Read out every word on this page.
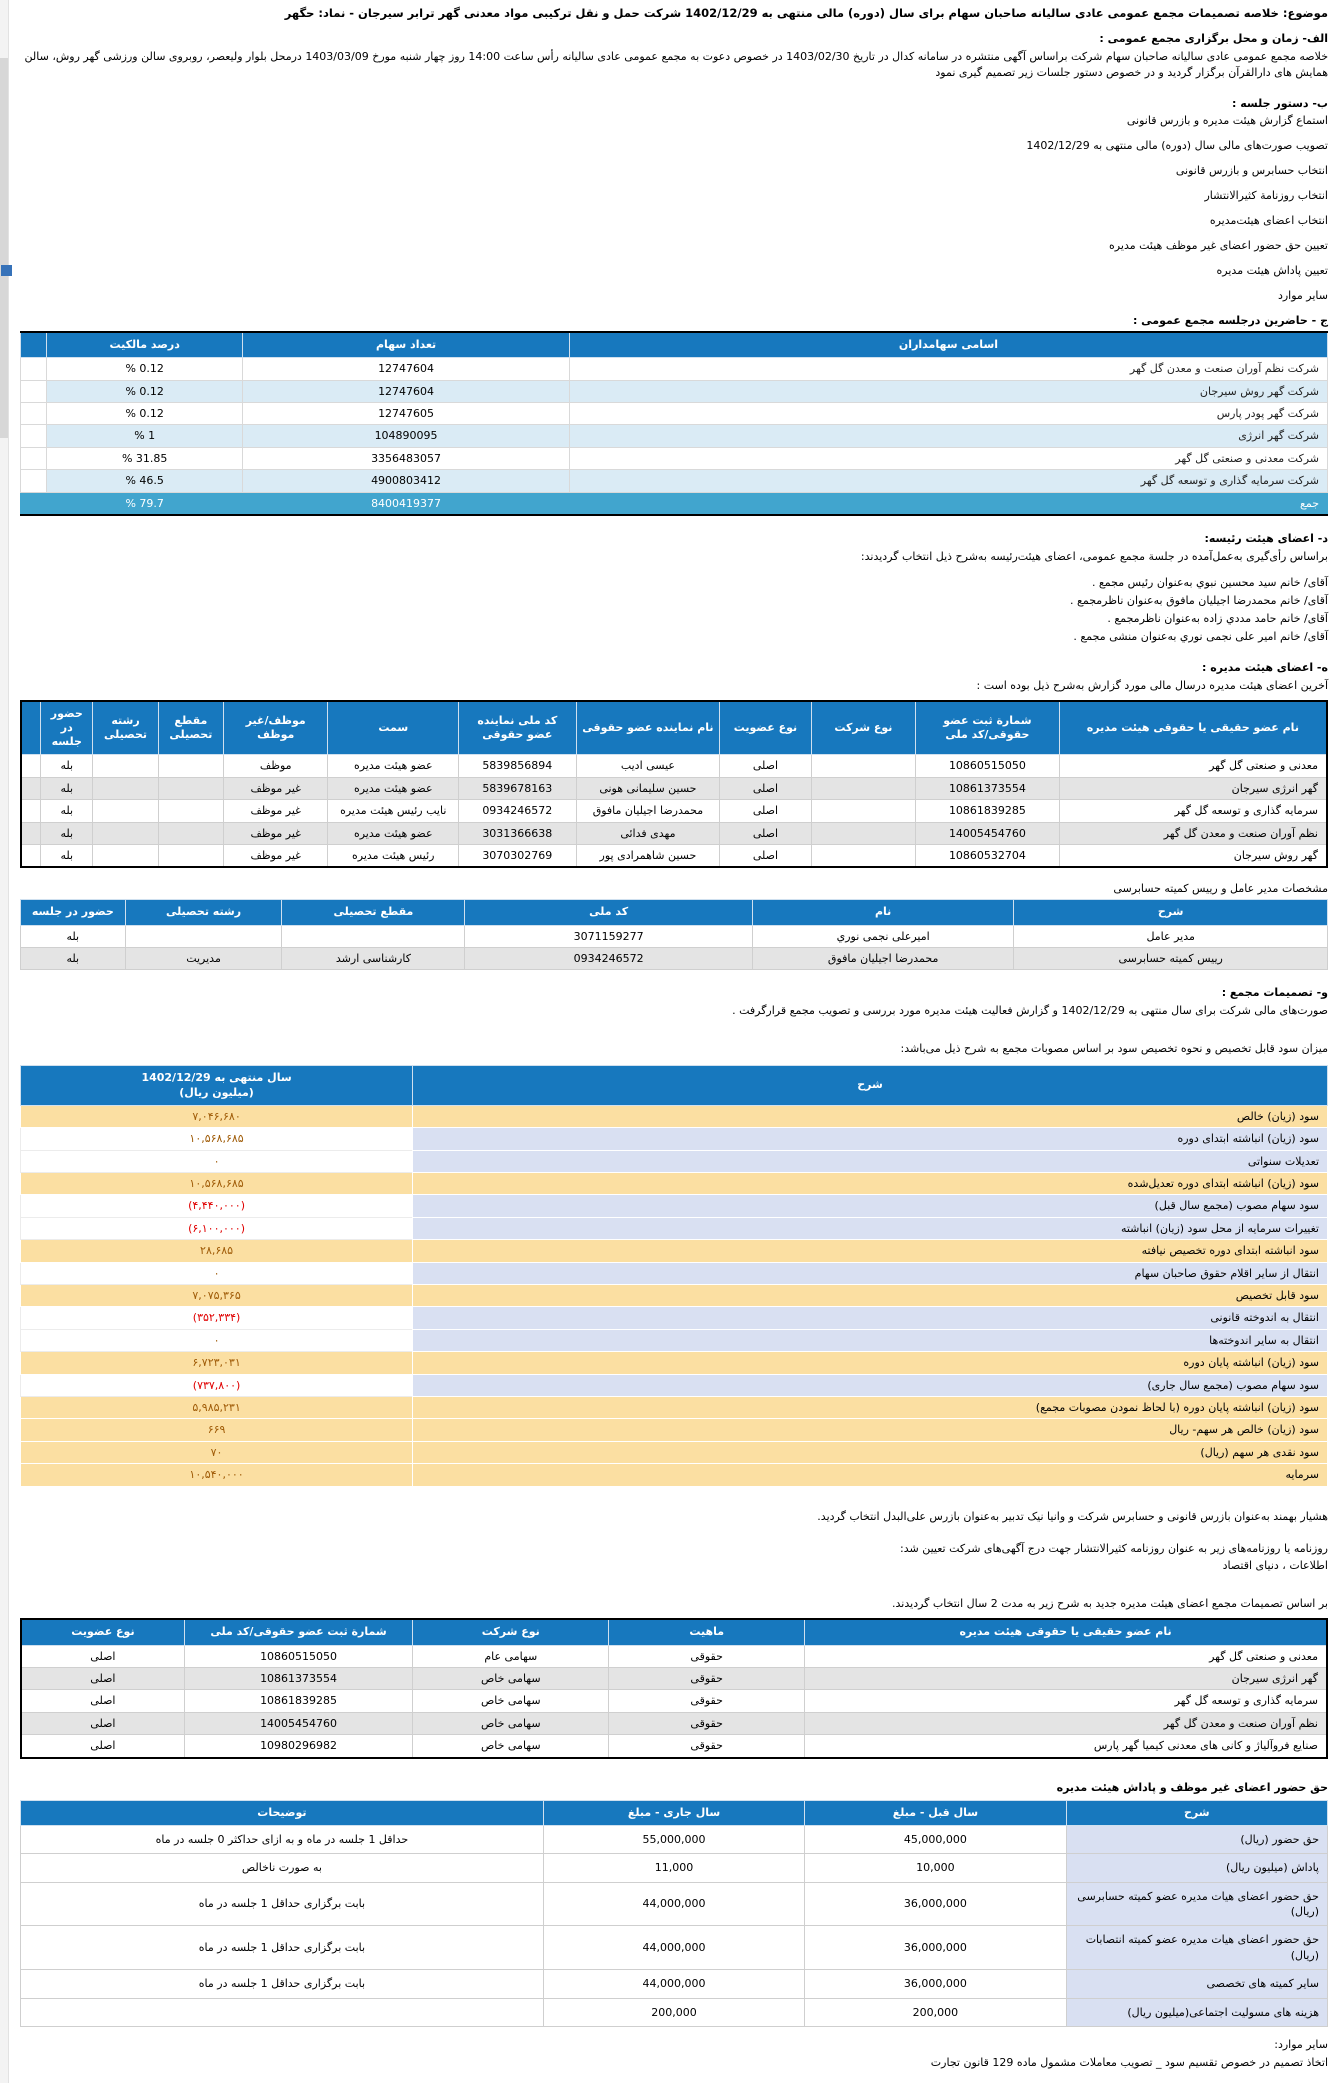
موضوع: خلاصه تصمیمات مجمع عمومی عادی سالیانه صاحبان سهام برای سال (دوره) مالی منتهی به 1402/12/29 شرکت حمل و نقل ترکیبی مواد معدنی گهر ترابر سیرجان - نماد: حگهر
الف- زمان و محل برگزاری مجمع عمومی :
خلاصه مجمع عمومی عادی سالیانه صاحبان سهام شرکت براساس آگهی منتشره در سامانه کدال در تاریخ 1403/02/30 در خصوص دعوت به مجمع عمومی عادی سالیانه رأس ساعت 14:00 روز چهار شنبه مورخ 1403/03/09 درمحل بلوار ولیعصر، روبروی سالن ورزشی گهر روش، سالن همایش های دارالقرآن برگزار گردید و در خصوص دستور جلسات زیر تصمیم گیری نمود
ب- دستور جلسه :
استماع گزارش هیئت مدیره و بازرس قانونی
تصویب صورت‌های مالی سال (دوره) مالی منتهی به 1402/12/29
انتخاب حسابرس و بازرس قانونی
انتخاب روزنامة کثیرالانتشار
انتخاب اعضای هیئت‌مدیره
تعیین حق حضور اعضای غیر موظف هیئت مدیره
تعیین پاداش هیئت مدیره
سایر موارد
ج - حاضرین درجلسه مجمع عمومی :
اسامی سهامداران	تعداد سهام	درصد مالکیت	
شرکت نظم آوران صنعت و معدن گل گهر	12747604	% 0.12	
شرکت گهر روش سیرجان	12747604	% 0.12	
شرکت گهر پودر پارس	12747605	% 0.12	
شرکت گهر انرژی	104890095	% 1	
شرکت معدنی و صنعتی گل گهر	3356483057	% 31.85	
شرکت سرمایه گذاری و توسعه گل گهر	4900803412	% 46.5	
جمع	8400419377	% 79.7	
د- اعضای هیئت رئیسه:
براساس رأی‌گیری به‌عمل‌آمده در جلسة مجمع عمومی، اعضای هیئت‌رئیسه به‌شرح ذیل انتخاب گردیدند:
آقای/ خانم سید محسین نبوي به‌عنوان رئیس مجمع .
آقای/ خانم محمدرضا اجیلیان مافوق به‌عنوان ناظرمجمع .
آقای/ خانم حامد مددي زاده به‌عنوان ناظرمجمع .
آقای/ خانم امیر علی نجمی نوري به‌عنوان منشی مجمع .
ه- اعضای هیئت مدیره :
آخرین اعضای هیئت مدیره درسال مالی مورد گزارش به‌شرح ذیل بوده است :
نام عضو حقیقی یا حقوقی هیئت مدیره	شمارة ثبت عضو حقوقی/کد ملی	نوع شرکت	نوع عضویت	نام نماینده عضو حقوقی	کد ملی نماینده عضو حقوقی	سمت	موظف/غیر موظف	مقطع تحصیلی	رشته تحصیلی	حضور در جلسه	
معدنی و صنعتی گل گهر	10860515050		اصلی	عیسی ادیب	5839856894	عضو هیئت مدیره	موظف			بله	
گهر انرژی سیرجان	10861373554		اصلی	حسین سلیمانی هونی	5839678163	عضو هیئت مدیره	غیر موظف			بله	
سرمایه گذاری و توسعه گل گهر	10861839285		اصلی	محمدرضا اجیلیان مافوق	0934246572	نایب رئیس هیئت مدیره	غیر موظف			بله	
نظم آوران صنعت و معدن گل گهر	14005454760		اصلی	مهدی فدائی	3031366638	عضو هیئت مدیره	غیر موظف			بله	
گهر روش سیرجان	10860532704		اصلی	حسین شاهمرادی پور	3070302769	رئیس هیئت مدیره	غیر موظف			بله	
مشخصات مدیر عامل و رییس کمیته حسابرسی
شرح	نام	کد ملی	مقطع تحصیلی	رشته تحصیلی	حضور در جلسه
مدیر عامل	امیرعلی نجمی نوري	3071159277			بله
رییس کمیته حسابرسی	محمدرضا اجیلیان مافوق	0934246572	کارشناسی ارشد	مدیریت	بله
و- تصمیمات مجمع :
صورت‌های مالی شرکت برای سال منتهی به 1402/12/29 و گزارش فعالیت هیئت مدیره مورد بررسی و تصویب مجمع قرارگرفت .
میزان سود قابل تخصیص و نحوه تخصیص سود بر اساس مصوبات مجمع به شرح ذیل می‌باشد:
شرح	سال منتهی به 1402/12/29
(میلیون ریال)
سود (زیان) خالص	۷,۰۴۶,۶۸۰
سود (زیان) انباشته ابتدای دوره	۱۰,۵۶۸,۶۸۵
تعدیلات سنواتی	۰
سود (زیان) انباشته ابتدای دوره تعدیل‌شده	۱۰,۵۶۸,۶۸۵
سود سهام مصوب (مجمع سال قبل)	(۴,۴۴۰,۰۰۰)
تغییرات سرمایه از محل سود (زیان) انباشته	(۶,۱۰۰,۰۰۰)
سود انباشته ابتدای دوره تخصیص نیافته	۲۸,۶۸۵
انتقال از سایر اقلام حقوق صاحبان سهام	۰
سود قابل تخصیص	۷,۰۷۵,۳۶۵
انتقال به اندوخته قانونی	(۳۵۲,۳۳۴)
انتقال به سایر اندوخته‌ها	۰
سود (زیان) انباشته پایان دوره	۶,۷۲۳,۰۳۱
سود سهام مصوب (مجمع سال جاری)	(۷۳۷,۸۰۰)
سود (زیان) انباشته پایان دوره (با لحاظ نمودن مصوبات مجمع)	۵,۹۸۵,۲۳۱
سود (زیان) خالص هر سهم- ریال	۶۶۹
سود نقدی هر سهم (ریال)	۷۰
سرمایه	۱۰,۵۴۰,۰۰۰
هشیار بهمند به‌عنوان بازرس قانونی و حسابرس شرکت و وانیا نیک تدبیر به‌عنوان بازرس علی‌البدل انتخاب گردید.
روزنامه یا روزنامه‌های زیر به عنوان روزنامه کثیرالانتشار جهت درج آگهی‌های شرکت تعیین شد:
اطلاعات ، دنیای اقتصاد
بر اساس تصمیمات مجمع اعضای هیئت مدیره جدید به شرح زیر به مدت 2 سال انتخاب گردیدند.
نام عضو حقیقی یا حقوقی هیئت مدیره	ماهیت	نوع شرکت	شمارة ثبت عضو حقوقی/کد ملی	نوع عضویت
معدنی و صنعتی گل گهر	حقوقی	سهامی عام	10860515050	اصلی
گهر انرژی سیرجان	حقوقی	سهامی خاص	10861373554	اصلی
سرمایه گذاری و توسعه گل گهر	حقوقی	سهامی خاص	10861839285	اصلی
نظم آوران صنعت و معدن گل گهر	حقوقی	سهامی خاص	14005454760	اصلی
صنایع فروآلیاژ و کانی های معدنی کیمیا گهر پارس	حقوقی	سهامی خاص	10980296982	اصلی
حق حضور اعضای غیر موظف و پاداش هیئت مدیره
شرح	سال قبل - مبلغ	سال جاری - مبلغ	توضیحات
حق حضور (ریال)	45,000,000	55,000,000	حداقل 1 جلسه در ماه و به ازای حداکثر 0 جلسه در ماه
پاداش (میلیون ریال)	10,000	11,000	به صورت ناخالص
حق حضور اعضای هیات مدیره عضو کمیته حسابرسی (ریال)	36,000,000	44,000,000	بابت برگزاری حداقل 1 جلسه در ماه
حق حضور اعضای هیات مدیره عضو کمیته انتصابات (ریال)	36,000,000	44,000,000	بابت برگزاری حداقل 1 جلسه در ماه
سایر کمیته های تخصصی	36,000,000	44,000,000	بابت برگزاری حداقل 1 جلسه در ماه
هزینه های مسولیت اجتماعی(میلیون ریال)	200,000	200,000	
سایر موارد:
اتخاذ تصمیم در خصوص تقسیم سود _ تصویب معاملات مشمول ماده 129 قانون تجارت
